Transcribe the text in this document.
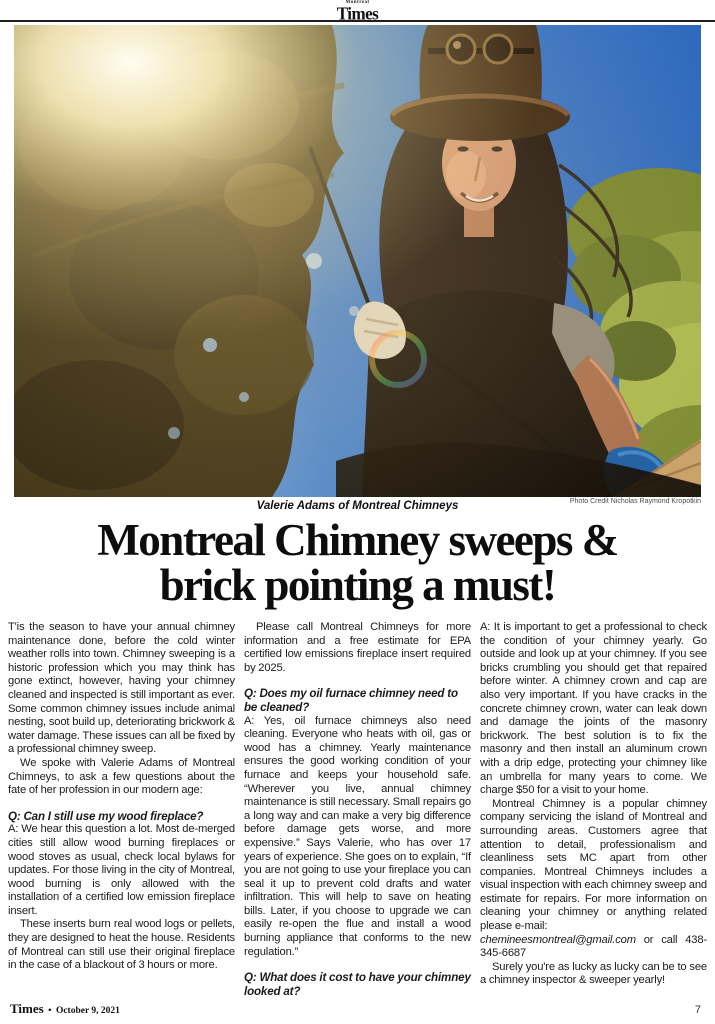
Montreal
Times
Photo Credit Nicholas Raymond Kropotkin
Valerie Adams of Montreal Chimneys
Montreal Chimney sweeps &
brick pointing a must!

T'is the season to have your annual chimney maintenance done, before the cold winter weather rolls into town. Chimney sweeping is a historic profession which you may think has gone extinct, however, having your chimney cleaned and inspected is still important as ever. Some common chimney issues include animal nesting, soot build up, deteriorating brickwork & water damage. These issues can all be fixed by a professional chimney sweep.

We spoke with Valerie Adams of Montreal Chimneys, to ask a few questions about the fate of her profession in our modern age:

Q: Can I still use my wood fireplace?

A: We hear this question a lot. Most de-merged cities still allow wood burning fireplaces or wood stoves as usual, check local bylaws for updates. For those living in the city of Montreal, wood burning is only allowed with the installation of a certified low emission fireplace insert.

These inserts burn real wood logs or pellets, they are designed to heat the house. Residents of Montreal can still use their original fireplace in the case of a blackout of 3 hours or more.

Please call Montreal Chimneys for more information and a free estimate for EPA certified low emissions fireplace insert required by 2025.

Q: Does my oil furnace chimney need to be cleaned?

A: Yes, oil furnace chimneys also need cleaning. Everyone who heats with oil, gas or wood has a chimney. Yearly maintenance ensures the good working condition of your furnace and keeps your household safe. “Wherever you live, annual chimney maintenance is still necessary. Small repairs go a long way and can make a very big difference before damage gets worse, and more expensive.” Says Valerie, who has over 17 years of experience. She goes on to explain, “If you are not going to use your fireplace you can seal it up to prevent cold drafts and water infiltration. This will help to save on heating bills. Later, if you choose to upgrade we can easily re-open the flue and install a wood burning appliance that conforms to the new regulation.”

Q: What does it cost to have your chimney looked at?

A: It is important to get a professional to check the condition of your chimney yearly. Go outside and look up at your chimney. If you see bricks crumbling you should get that repaired before winter. A chimney crown and cap are also very important. If you have cracks in the concrete chimney crown, water can leak down and damage the joints of the masonry brickwork. The best solution is to fix the masonry and then install an aluminum crown with a drip edge, protecting your chimney like an umbrella for many years to come. We charge $50 for a visit to your home.

Montreal Chimney is a popular chimney company servicing the island of Montreal and surrounding areas. Customers agree that attention to detail, professionalism and cleanliness sets MC apart from other companies. Montreal Chimneys includes a visual inspection with each chimney sweep and estimate for repairs. For more information on cleaning your chimney or anything related please e-mail:

chemineesmontreal@gmail.com or call 438-345-6687

Surely you're as lucky as lucky can be to see a chimney inspector & sweeper yearly!

Times • October 9, 2021	7
